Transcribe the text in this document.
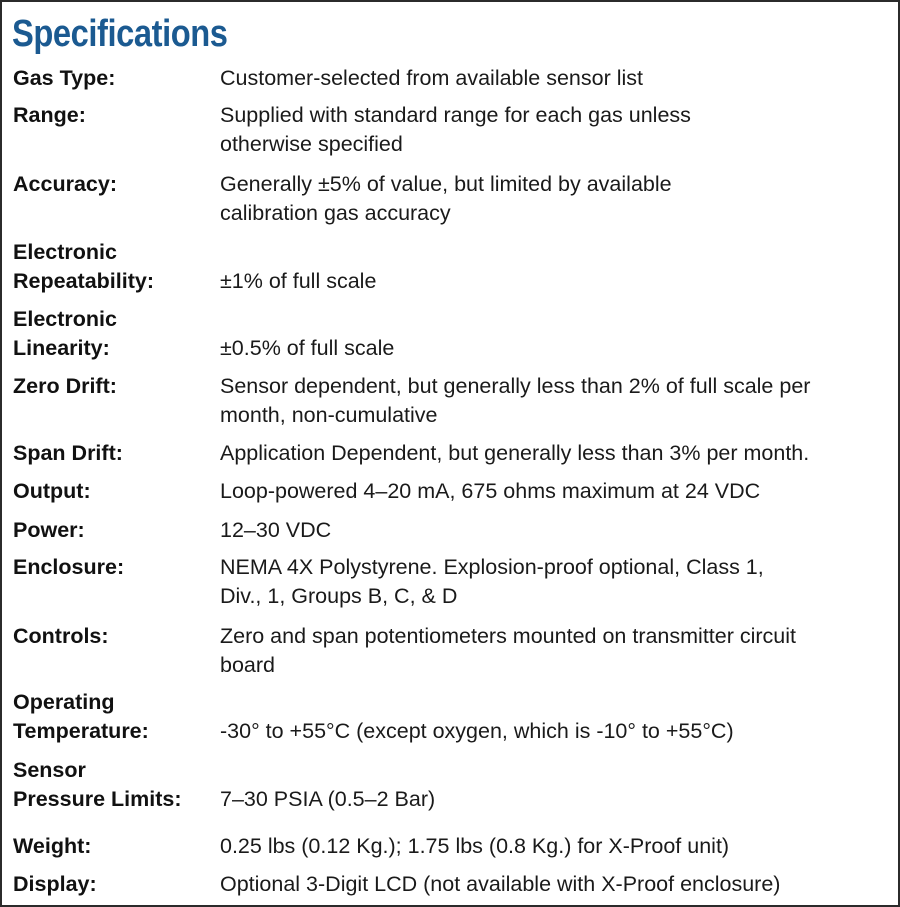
Specifications
Gas Type:	Customer-selected from available sensor list
Range:	Supplied with standard range for each gas unless
otherwise specified
Accuracy:	Generally ±5% of value, but limited by available
calibration gas accuracy
Electronic
Repeatability:	±1% of full scale
Electronic
Linearity:	±0.5% of full scale
Zero Drift:	Sensor dependent, but generally less than 2% of full scale per
month, non-cumulative
Span Drift:	Application Dependent, but generally less than 3% per month.
Output:	Loop-powered 4–20 mA, 675 ohms maximum at 24 VDC
Power:	12–30 VDC
Enclosure:	NEMA 4X Polystyrene. Explosion-proof optional, Class 1,
Div., 1, Groups B, C, & D
Controls:	Zero and span potentiometers mounted on transmitter circuit
board
Operating
Temperature:	-30° to +55°C (except oxygen, which is -10° to +55°C)
Sensor
Pressure Limits:	7–30 PSIA (0.5–2 Bar)
Weight:	0.25 lbs (0.12 Kg.); 1.75 lbs (0.8 Kg.) for X-Proof unit)
Display:	Optional 3-Digit LCD (not available with X-Proof enclosure)
